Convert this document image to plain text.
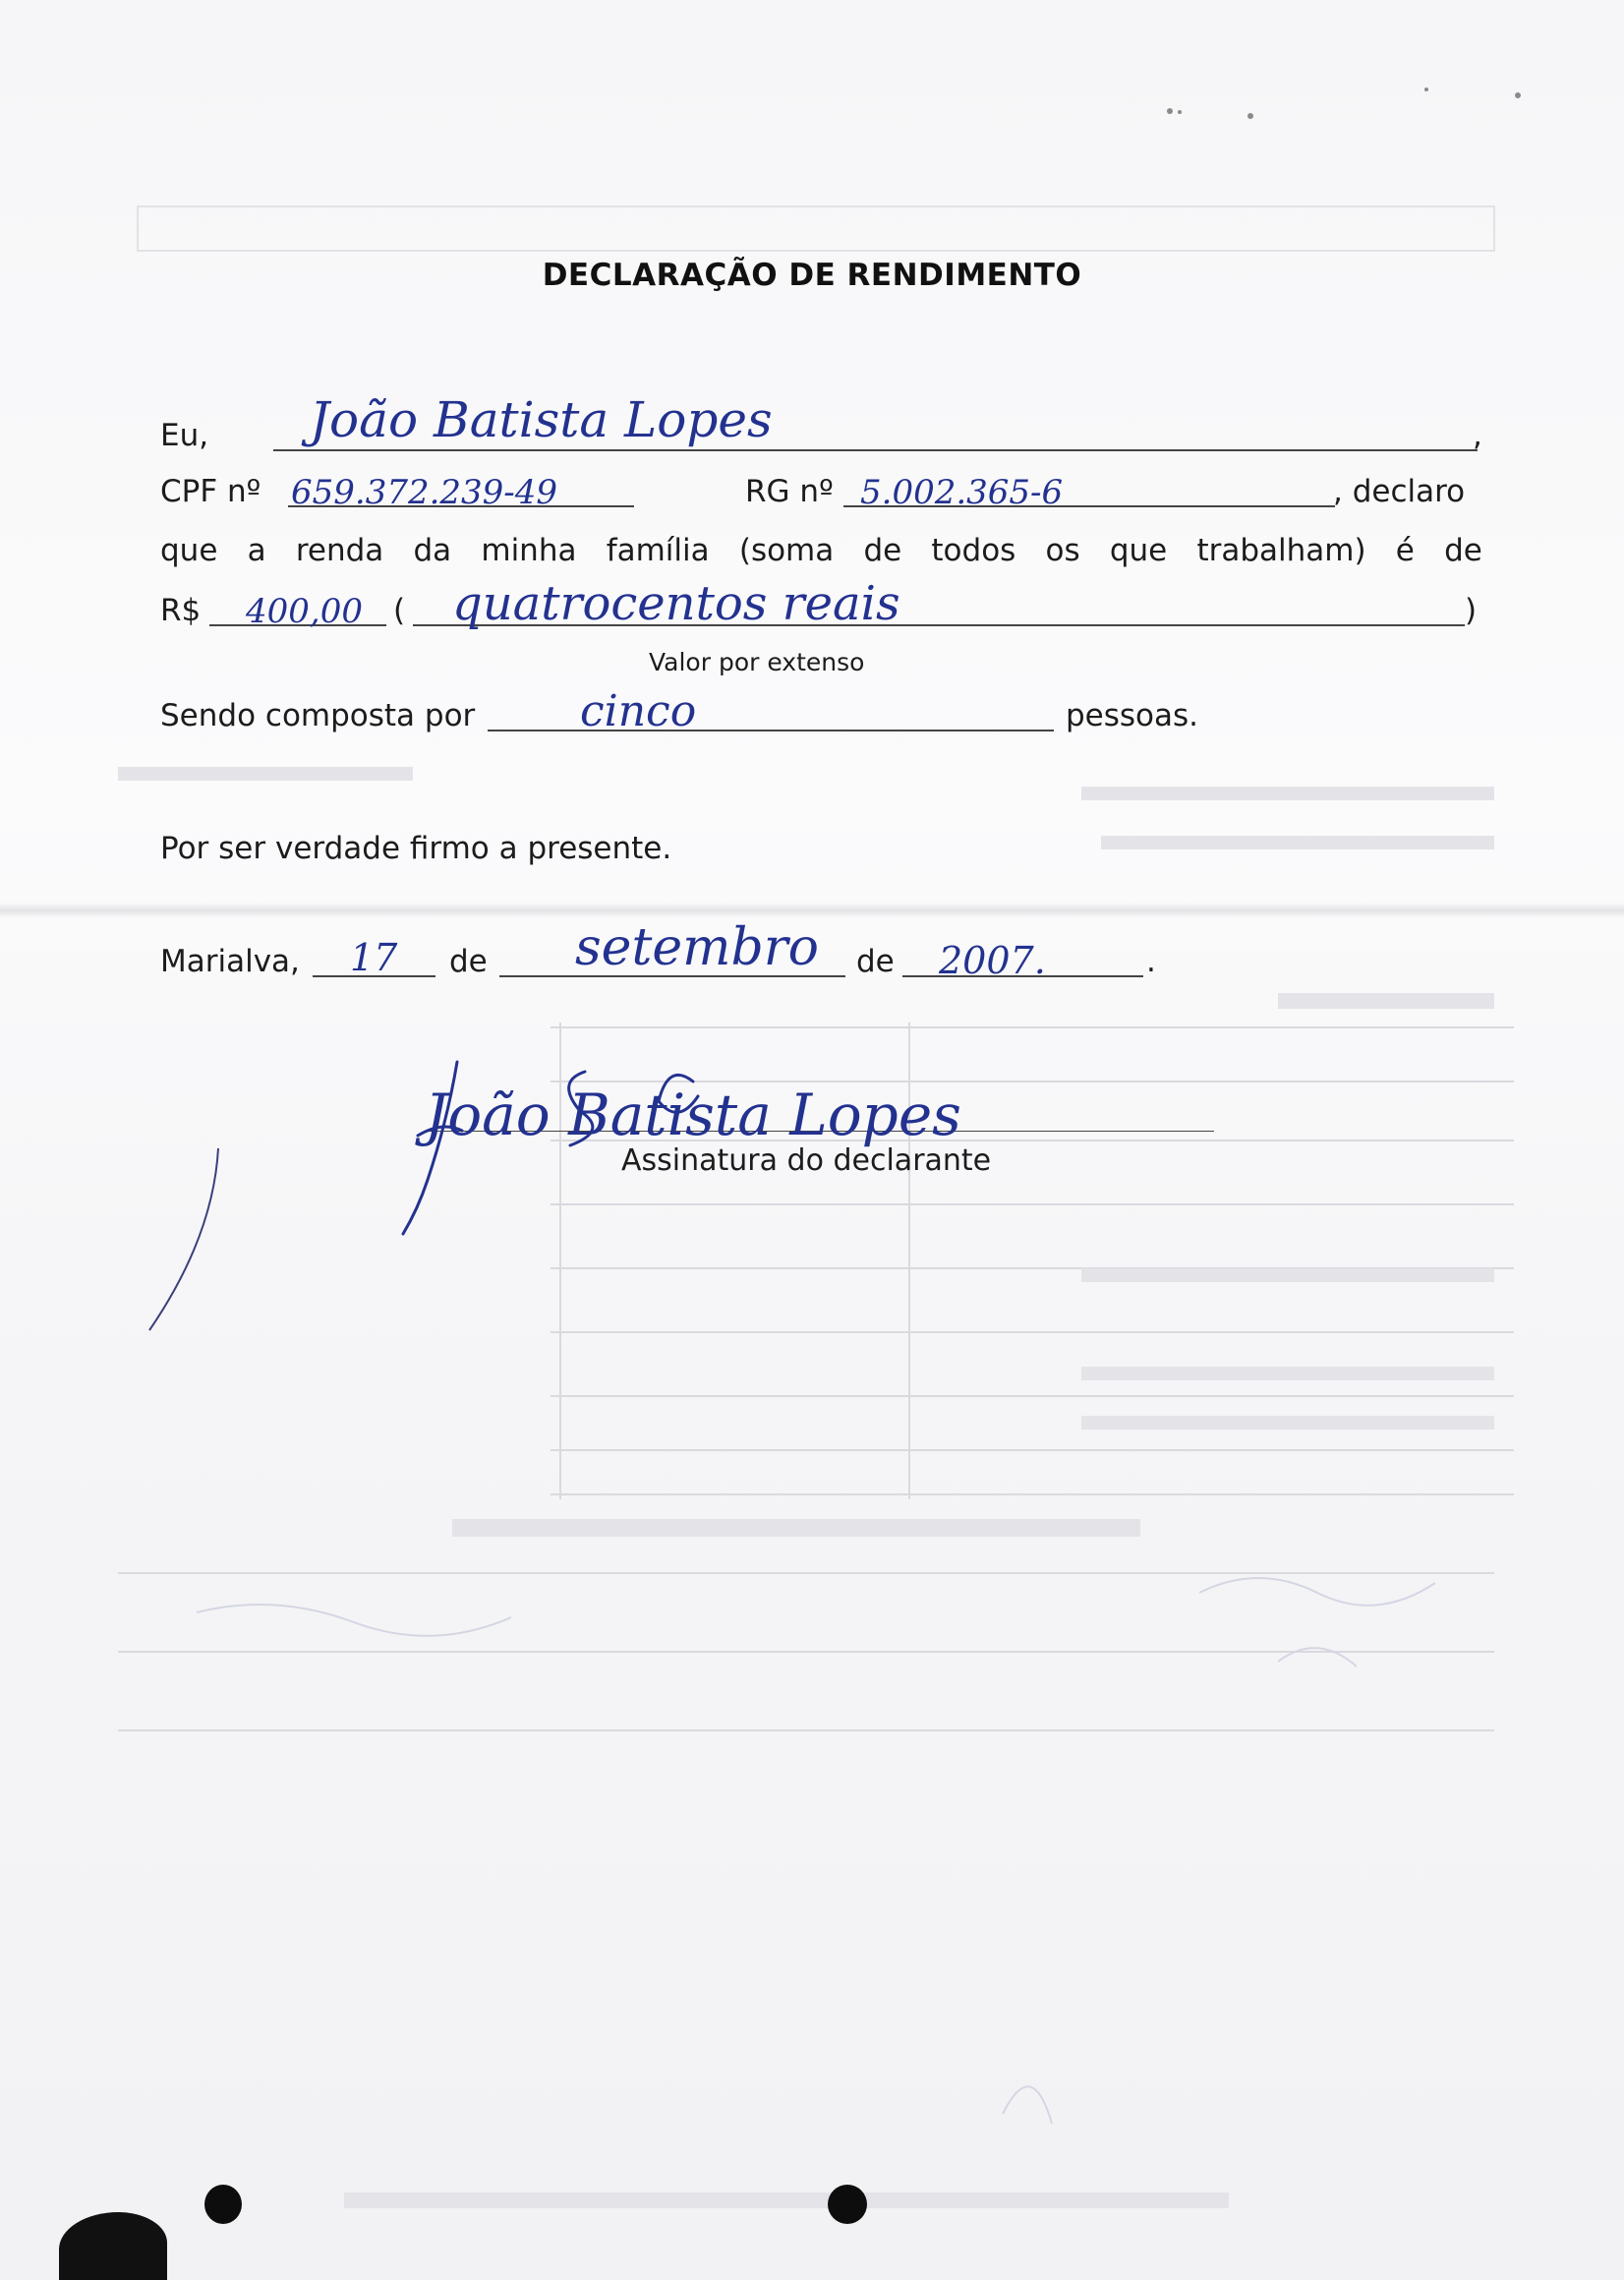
DECLARAÇÃO DE RENDIMENTO
Eu,	,
João Batista Lopes
CPF nº 659.372.239-49	RG nº 5.002.365-6	, declaro
que a renda da minha família (soma de todos os que trabalham) é de
R$ 400,00 ( quatrocentos reais	)
Valor por extenso
Sendo composta por cinco	pessoas.
Por ser verdade firmo a presente.
Marialva, 17 de setembro de 2007.	.
João Batista Lopes
Assinatura do declarante
